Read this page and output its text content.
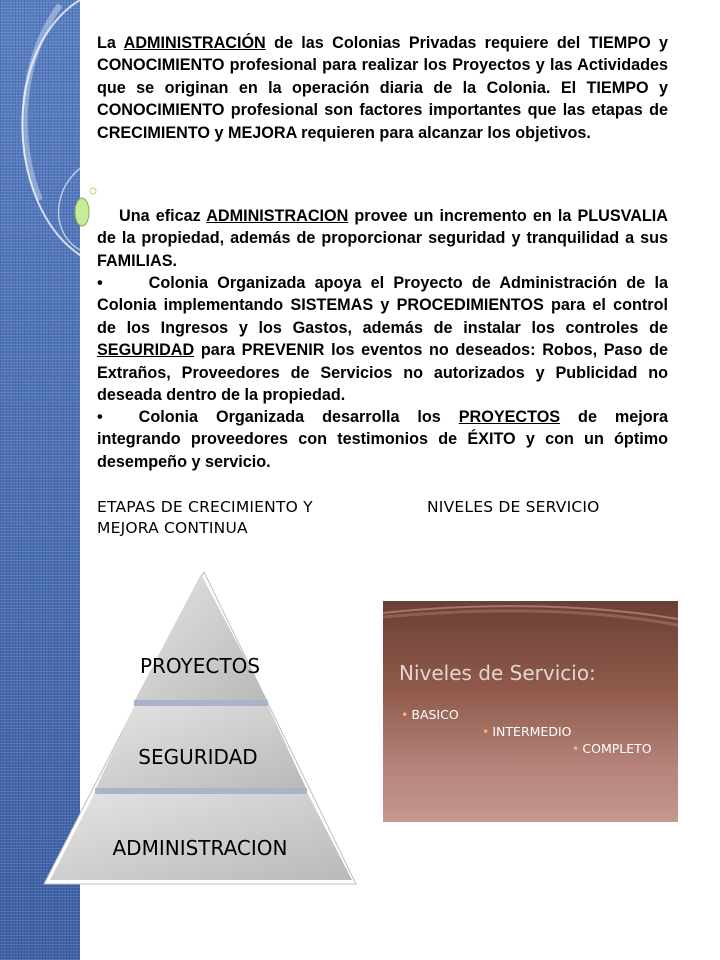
La ADMINISTRACIÓN de las Colonias Privadas requiere del TIEMPO y CONOCIMIENTO profesional para realizar los Proyectos y las Actividades que se originan en la operación diaria de la Colonia. El TIEMPO y CONOCIMIENTO profesional son factores importantes que las etapas de CRECIMIENTO y MEJORA requieren para alcanzar los objetivos.

Una eficaz ADMINISTRACION provee un incremento en la PLUSVALIA de la propiedad, además de proporcionar seguridad y tranquilidad a sus FAMILIAS.

•	Colonia Organizada apoya el Proyecto de Administración de la Colonia implementando SISTEMAS y PROCEDIMIENTOS para el control de los Ingresos y los Gastos, además de instalar los controles de SEGURIDAD para PREVENIR los eventos no deseados: Robos, Paso de Extraños, Proveedores de Servicios no autorizados y Publicidad no deseada dentro de la propiedad.

• Colonia Organizada desarrolla los PROYECTOS de mejora integrando proveedores con testimonios de ÉXITO y con un óptimo desempeño y servicio.

ETAPAS DE CRECIMIENTO Y
MEJORA CONTINUA
NIVELES DE SERVICIO
PROYECTOS
SEGURIDAD
ADMINISTRACION
Niveles de Servicio:
• BASICO
• INTERMEDIO
• COMPLETO
